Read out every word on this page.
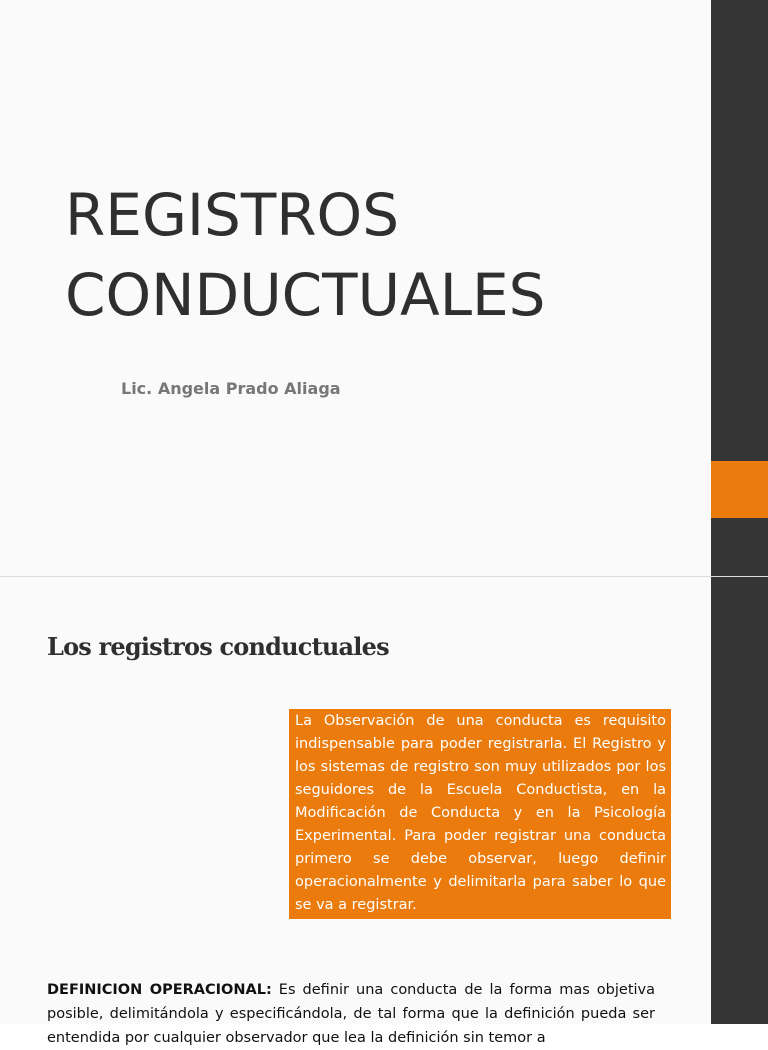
REGISTROS
CONDUCTUALES
Lic. Angela Prado Aliaga
Los registros conductuales
La Observación de una conducta es requisito indispensable para poder registrarla. El Registro y los sistemas de registro son muy utilizados por los seguidores de la Escuela Conductista, en la Modificación de Conducta y en la Psicología Experimental. Para poder registrar una conducta primero se debe observar, luego definir operacionalmente y delimitarla para saber lo que se va a registrar.

DEFINICION OPERACIONAL: Es definir una conducta de la forma mas objetiva posible, delimitándola y especificándola, de tal forma que la definición pueda ser entendida por cualquier observador que lea la definición sin temor a
